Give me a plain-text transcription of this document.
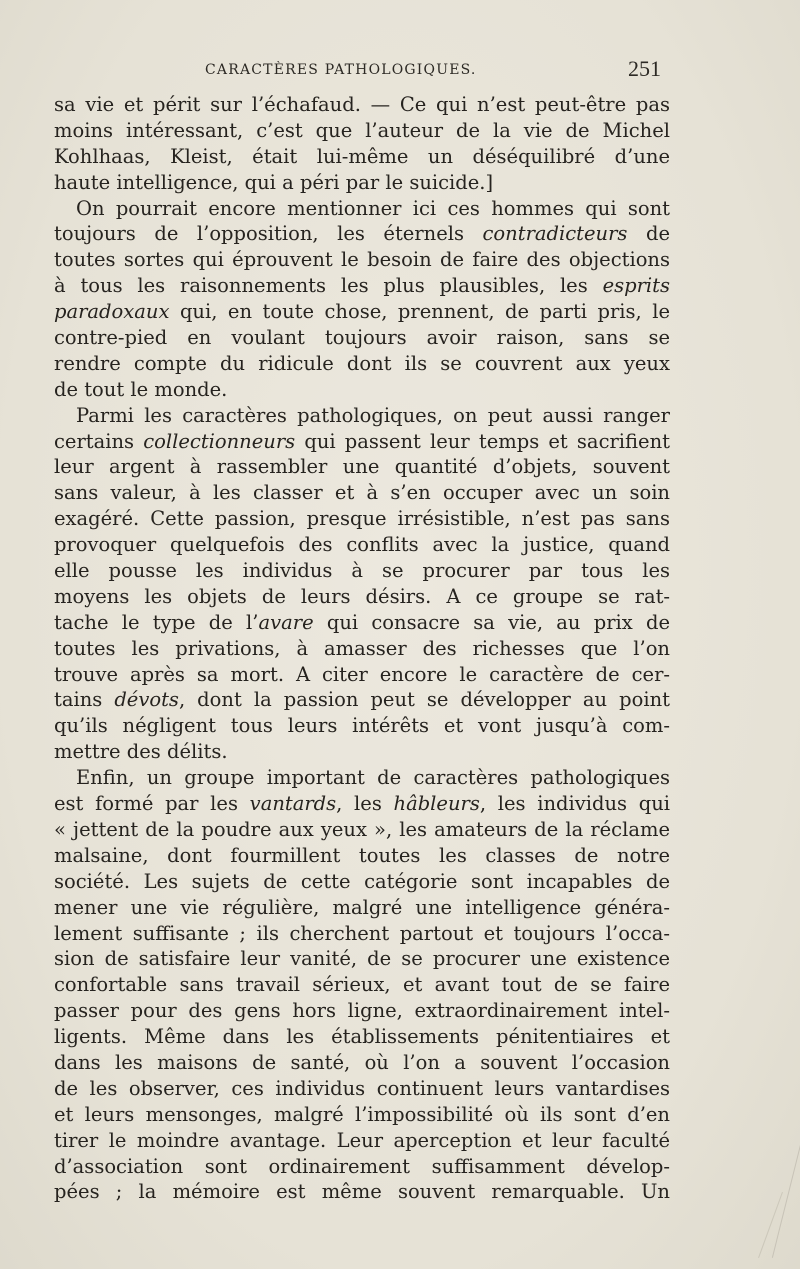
CARACTÈRES PATHOLOGIQUES.	251
sa vie et périt sur l’échafaud. — Ce qui n’est peut-être pas
moins intéressant, c’est que l’auteur de la vie de Michel
Kohlhaas, Kleist, était lui-même un déséquilibré d’une
haute intelligence, qui a péri par le suicide.]
On pourrait encore mentionner ici ces hommes qui sont
toujours de l’opposition, les éternels contradicteurs de
toutes sortes qui éprouvent le besoin de faire des objections
à tous les raisonnements les plus plausibles, les esprits
paradoxaux qui, en toute chose, prennent, de parti pris, le
contre-pied en voulant toujours avoir raison, sans se
rendre compte du ridicule dont ils se couvrent aux yeux
de tout le monde.
Parmi les caractères pathologiques, on peut aussi ranger
certains collectionneurs qui passent leur temps et sacrifient
leur argent à rassembler une quantité d’objets, souvent
sans valeur, à les classer et à s’en occuper avec un soin
exagéré. Cette passion, presque irrésistible, n’est pas sans
provoquer quelquefois des conflits avec la justice, quand
elle pousse les individus à se procurer par tous les
moyens les objets de leurs désirs. A ce groupe se rat-
tache le type de l’avare qui consacre sa vie, au prix de
toutes les privations, à amasser des richesses que l’on
trouve après sa mort. A citer encore le caractère de cer-
tains dévots, dont la passion peut se développer au point
qu’ils négligent tous leurs intérêts et vont jusqu’à com-
mettre des délits.
Enfin, un groupe important de caractères pathologiques
est formé par les vantards, les hâbleurs, les individus qui
« jettent de la poudre aux yeux », les amateurs de la réclame
malsaine, dont fourmillent toutes les classes de notre
société. Les sujets de cette catégorie sont incapables de
mener une vie régulière, malgré une intelligence généra-
lement suffisante ; ils cherchent partout et toujours l’occa-
sion de satisfaire leur vanité, de se procurer une existence
confortable sans travail sérieux, et avant tout de se faire
passer pour des gens hors ligne, extraordinairement intel-
ligents. Même dans les établissements pénitentiaires et
dans les maisons de santé, où l’on a souvent l’occasion
de les observer, ces individus continuent leurs vantardises
et leurs mensonges, malgré l’impossibilité où ils sont d’en
tirer le moindre avantage. Leur aperception et leur faculté
d’association sont ordinairement suffisamment dévelop-
pées ; la mémoire est même souvent remarquable. Un
